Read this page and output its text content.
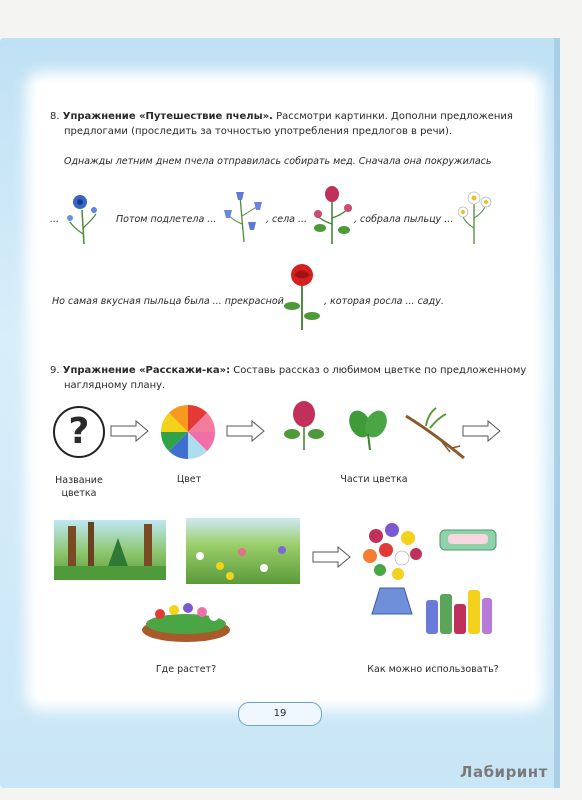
8. Упражнение «Путешествие пчелы». Рассмотри картинки. Дополни предложения
предлогами (проследить за точностью употребления предлогов в речи).
Однажды летним днем пчела отправилась собирать мед. Сначала она покружилась
...	Потом подлетела ...	, села ...	, собрала пыльцу ...
Но самая вкусная пыльца была ... прекрасной	, которая росла ... саду.
9. Упражнение «Расскажи-ка»: Составь рассказ о любимом цветке по предложенному
наглядному плану.
?
Название
цветка
Цвет	Части цветка
Где растет?	Как можно использовать?
19
Лабиринт
